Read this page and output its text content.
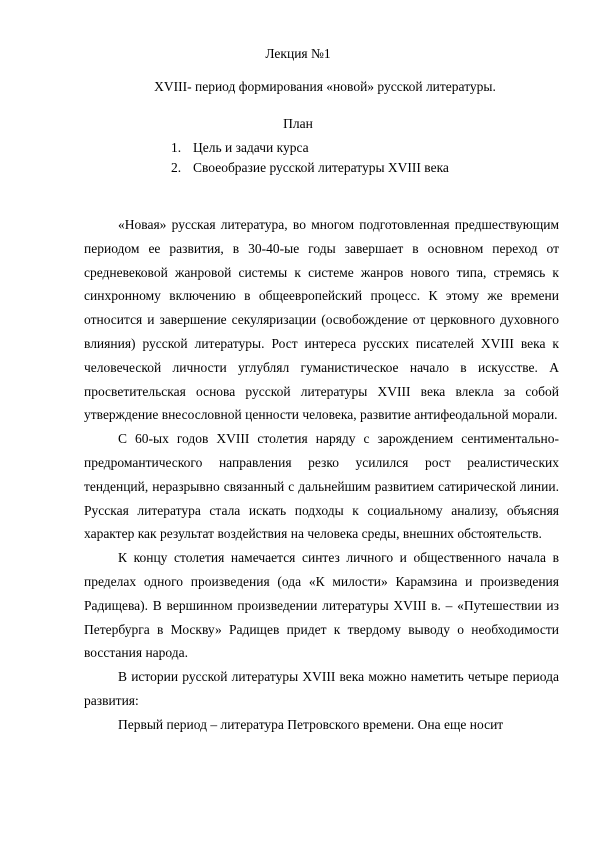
Лекция №1
XVIII- период формирования «новой» русской литературы.
План
1. Цель и задачи курса
2. Своеобразие русской литературы XVIII века

«Новая» русская литература, во многом подготовленная предшествующим периодом ее развития, в 30-40-ые годы завершает в основном переход от средневековой жанровой системы к системе жанров нового типа, стремясь к синхронному включению в общеевропейский процесс. К этому же времени относится и завершение секуляризации (освобождение от церковного духовного влияния) русской литературы. Рост интереса русских писателей XVIII века к человеческой личности углублял гуманистическое начало в искусстве. А просветительская основа русской литературы XVIII века влекла за собой утверждение внесословной ценности человека, развитие антифеодальной морали.

С 60-ых годов XVIII столетия наряду с зарождением сентиментально- предромантического направления резко усилился рост реалистических тенденций, неразрывно связанный с дальнейшим развитием сатирической линии. Русская литература стала искать подходы к социальному анализу, объясняя характер как результат воздействия на человека среды, внешних обстоятельств.

К концу столетия намечается синтез личного и общественного начала в пределах одного произведения (ода «К милости» Карамзина и произведения Радищева). В вершинном произведении литературы XVIII в. – «Путешествии из Петербурга в Москву» Радищев придет к твердому выводу о необходимости восстания народа.

В истории русской литературы XVIII века можно наметить четыре периода развития:

Первый период – литература Петровского времени. Она еще носит
